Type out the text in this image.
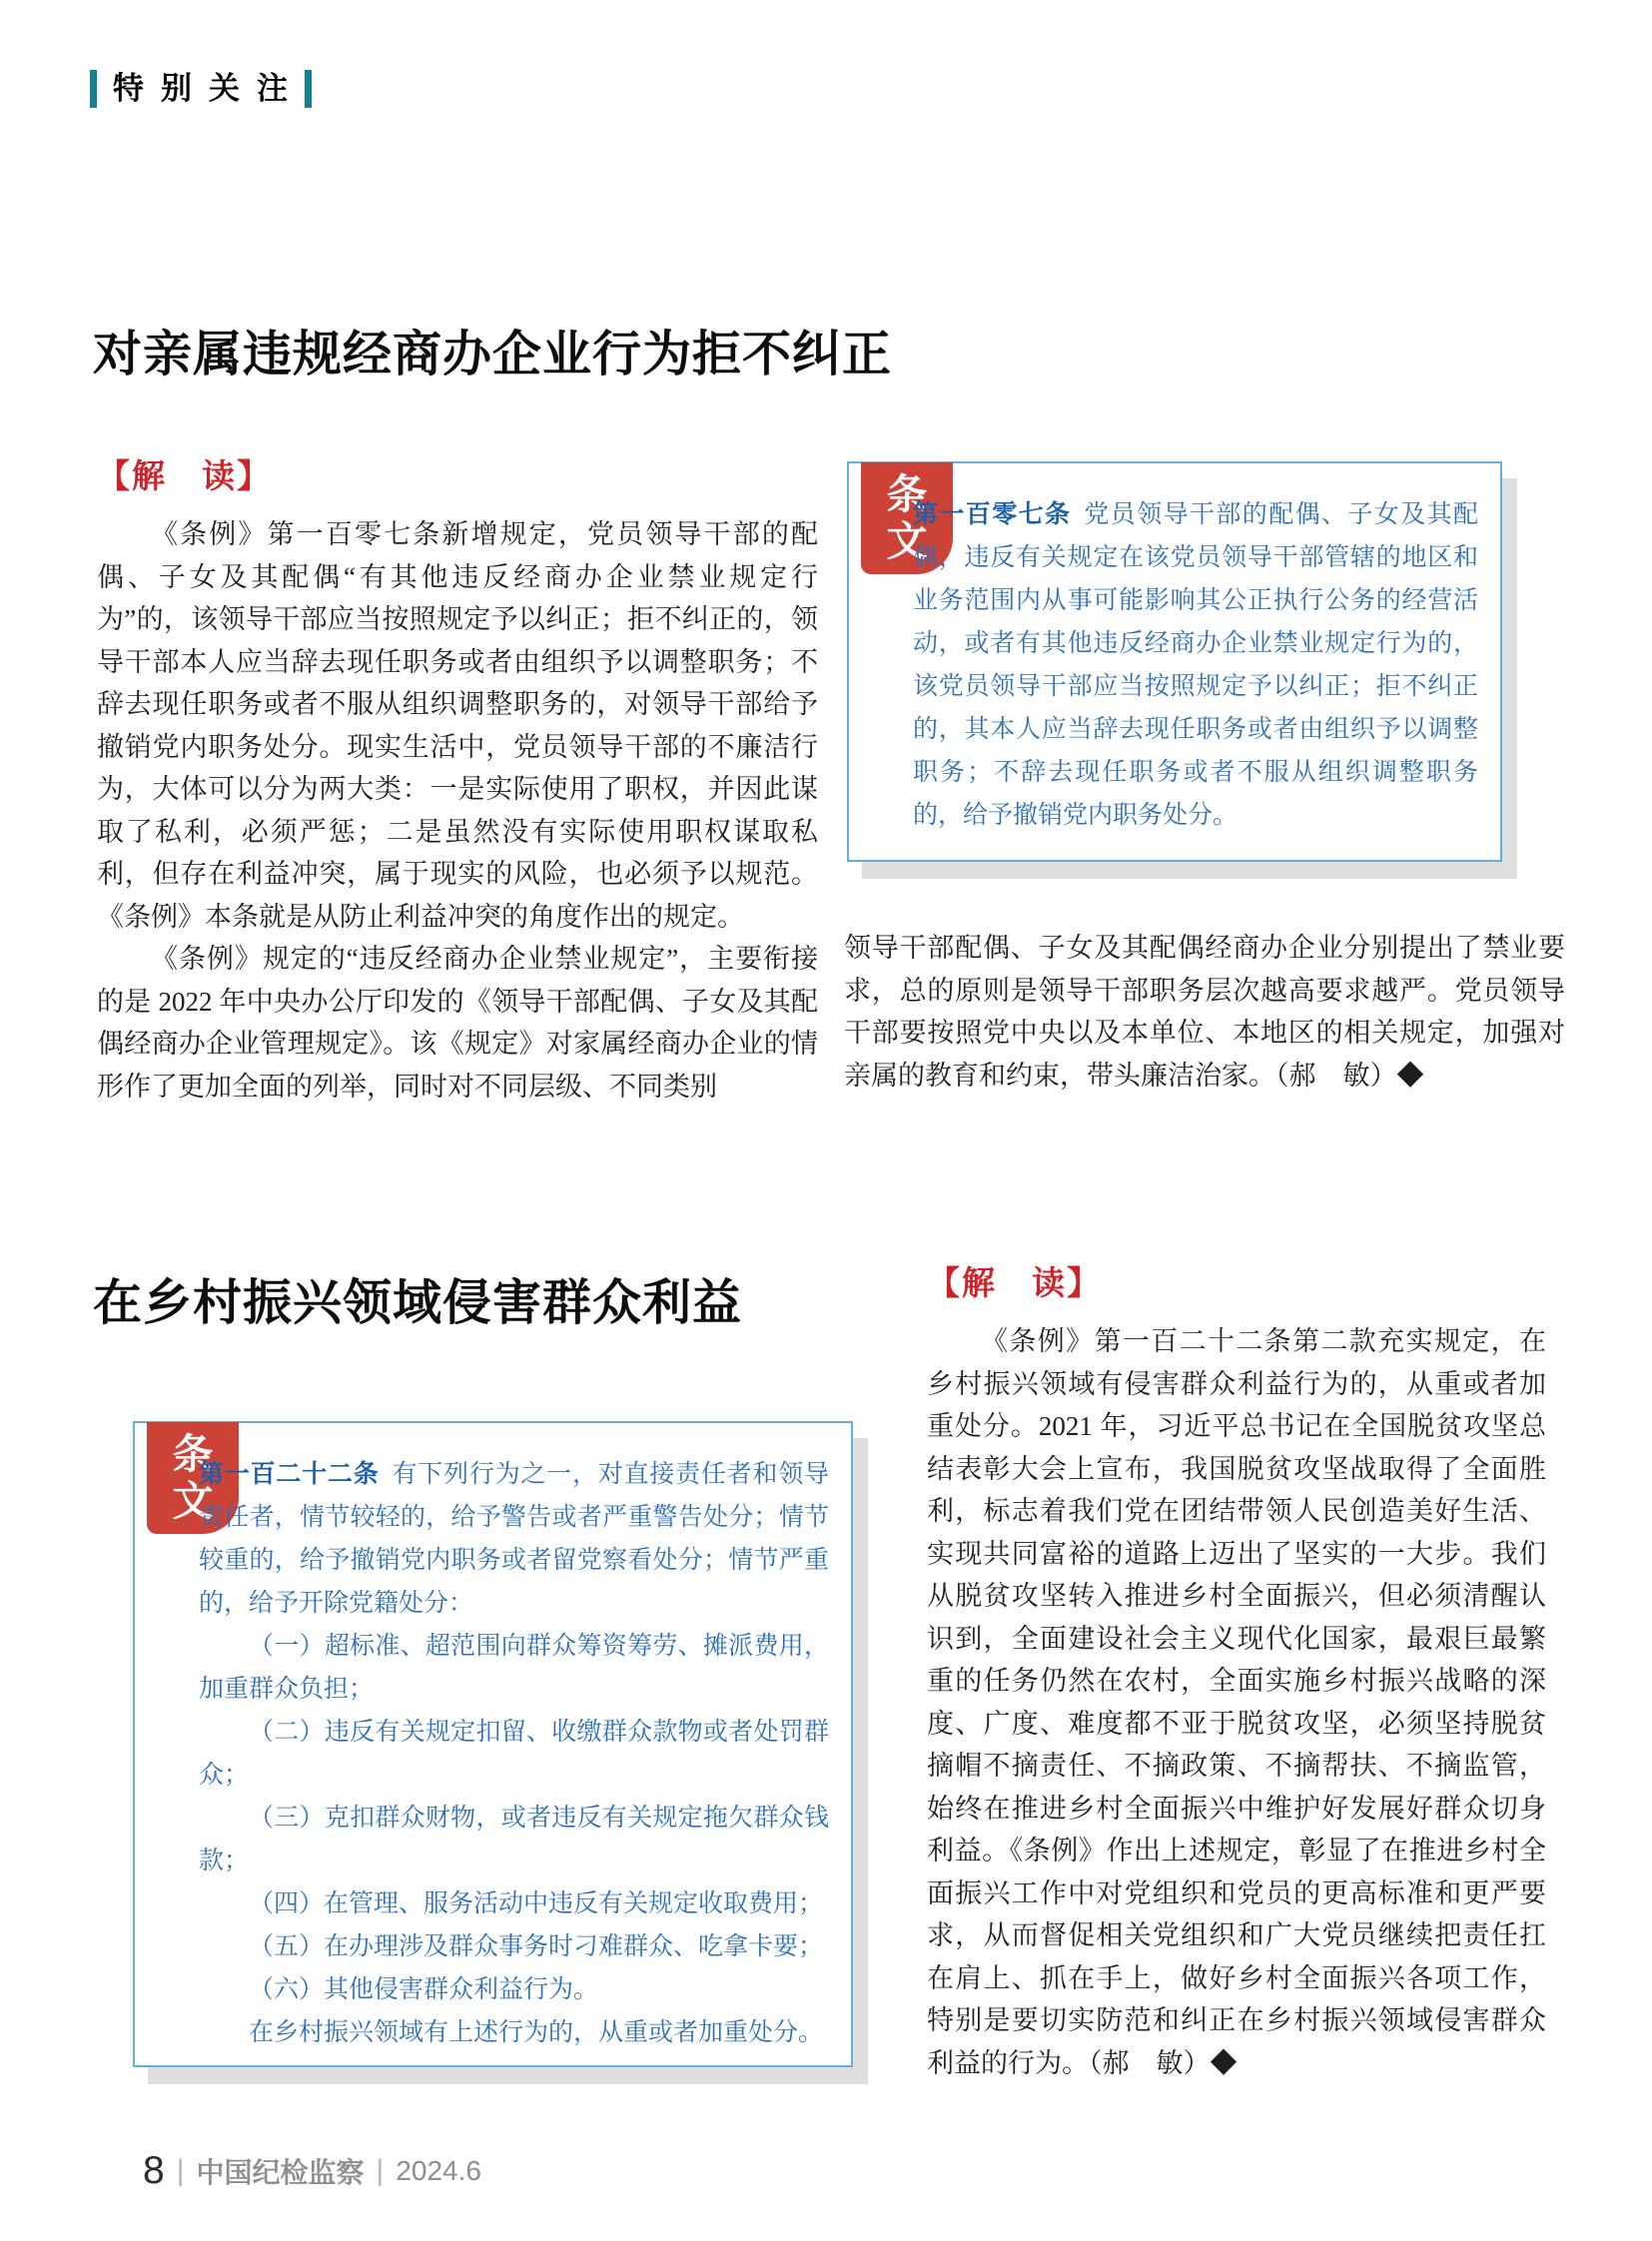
特别关注
对亲属违规经商办企业行为拒不纠正
【解　读】

《条例》第一百零七条新增规定，党员领导干部的配偶、子女及其配偶“有其他违反经商办企业禁业规定行为”的，该领导干部应当按照规定予以纠正；拒不纠正的，领导干部本人应当辞去现任职务或者由组织予以调整职务；不辞去现任职务或者不服从组织调整职务的，对领导干部给予撤销党内职务处分。现实生活中，党员领导干部的不廉洁行为，大体可以分为两大类：一是实际使用了职权，并因此谋取了私利，必须严惩；二是虽然没有实际使用职权谋取私利，但存在利益冲突，属于现实的风险，也必须予以规范。《条例》本条就是从防止利益冲突的角度作出的规定。

《条例》规定的“违反经商办企业禁业规定”，主要衔接的是 2022 年中央办公厅印发的《领导干部配偶、子女及其配偶经商办企业管理规定》。该《规定》对家属经商办企业的情形作了更加全面的列举，同时对不同层级、不同类别

条
文

第一百零七条 党员领导干部的配偶、子女及其配偶，违反有关规定在该党员领导干部管辖的地区和业务范围内从事可能影响其公正执行公务的经营活动，或者有其他违反经商办企业禁业规定行为的，该党员领导干部应当按照规定予以纠正；拒不纠正的，其本人应当辞去现任职务或者由组织予以调整职务；不辞去现任职务或者不服从组织调整职务的，给予撤销党内职务处分。

领导干部配偶、子女及其配偶经商办企业分别提出了禁业要求，总的原则是领导干部职务层次越高要求越严。党员领导干部要按照党中央以及本单位、本地区的相关规定，加强对亲属的教育和约束，带头廉洁治家。（郝　敏）◆

在乡村振兴领域侵害群众利益
条
文

第一百二十二条 有下列行为之一，对直接责任者和领导责任者，情节较轻的，给予警告或者严重警告处分；情节较重的，给予撤销党内职务或者留党察看处分；情节严重的，给予开除党籍处分：

（一）超标准、超范围向群众筹资筹劳、摊派费用，加重群众负担；

（二）违反有关规定扣留、收缴群众款物或者处罚群众；

（三）克扣群众财物，或者违反有关规定拖欠群众钱款；

（四）在管理、服务活动中违反有关规定收取费用；

（五）在办理涉及群众事务时刁难群众、吃拿卡要；

（六）其他侵害群众利益行为。

在乡村振兴领域有上述行为的，从重或者加重处分。

【解　读】

《条例》第一百二十二条第二款充实规定，在乡村振兴领域有侵害群众利益行为的，从重或者加重处分。2021 年，习近平总书记在全国脱贫攻坚总结表彰大会上宣布，我国脱贫攻坚战取得了全面胜利，标志着我们党在团结带领人民创造美好生活、实现共同富裕的道路上迈出了坚实的一大步。我们从脱贫攻坚转入推进乡村全面振兴，但必须清醒认识到，全面建设社会主义现代化国家，最艰巨最繁重的任务仍然在农村，全面实施乡村振兴战略的深度、广度、难度都不亚于脱贫攻坚，必须坚持脱贫摘帽不摘责任、不摘政策、不摘帮扶、不摘监管，始终在推进乡村全面振兴中维护好发展好群众切身利益。《条例》作出上述规定，彰显了在推进乡村全面振兴工作中对党组织和党员的更高标准和更严要求，从而督促相关党组织和广大党员继续把责任扛在肩上、抓在手上，做好乡村全面振兴各项工作，特别是要切实防范和纠正在乡村振兴领域侵害群众利益的行为。（郝　敏）◆

8 | 中国纪检监察 | 2024.6
